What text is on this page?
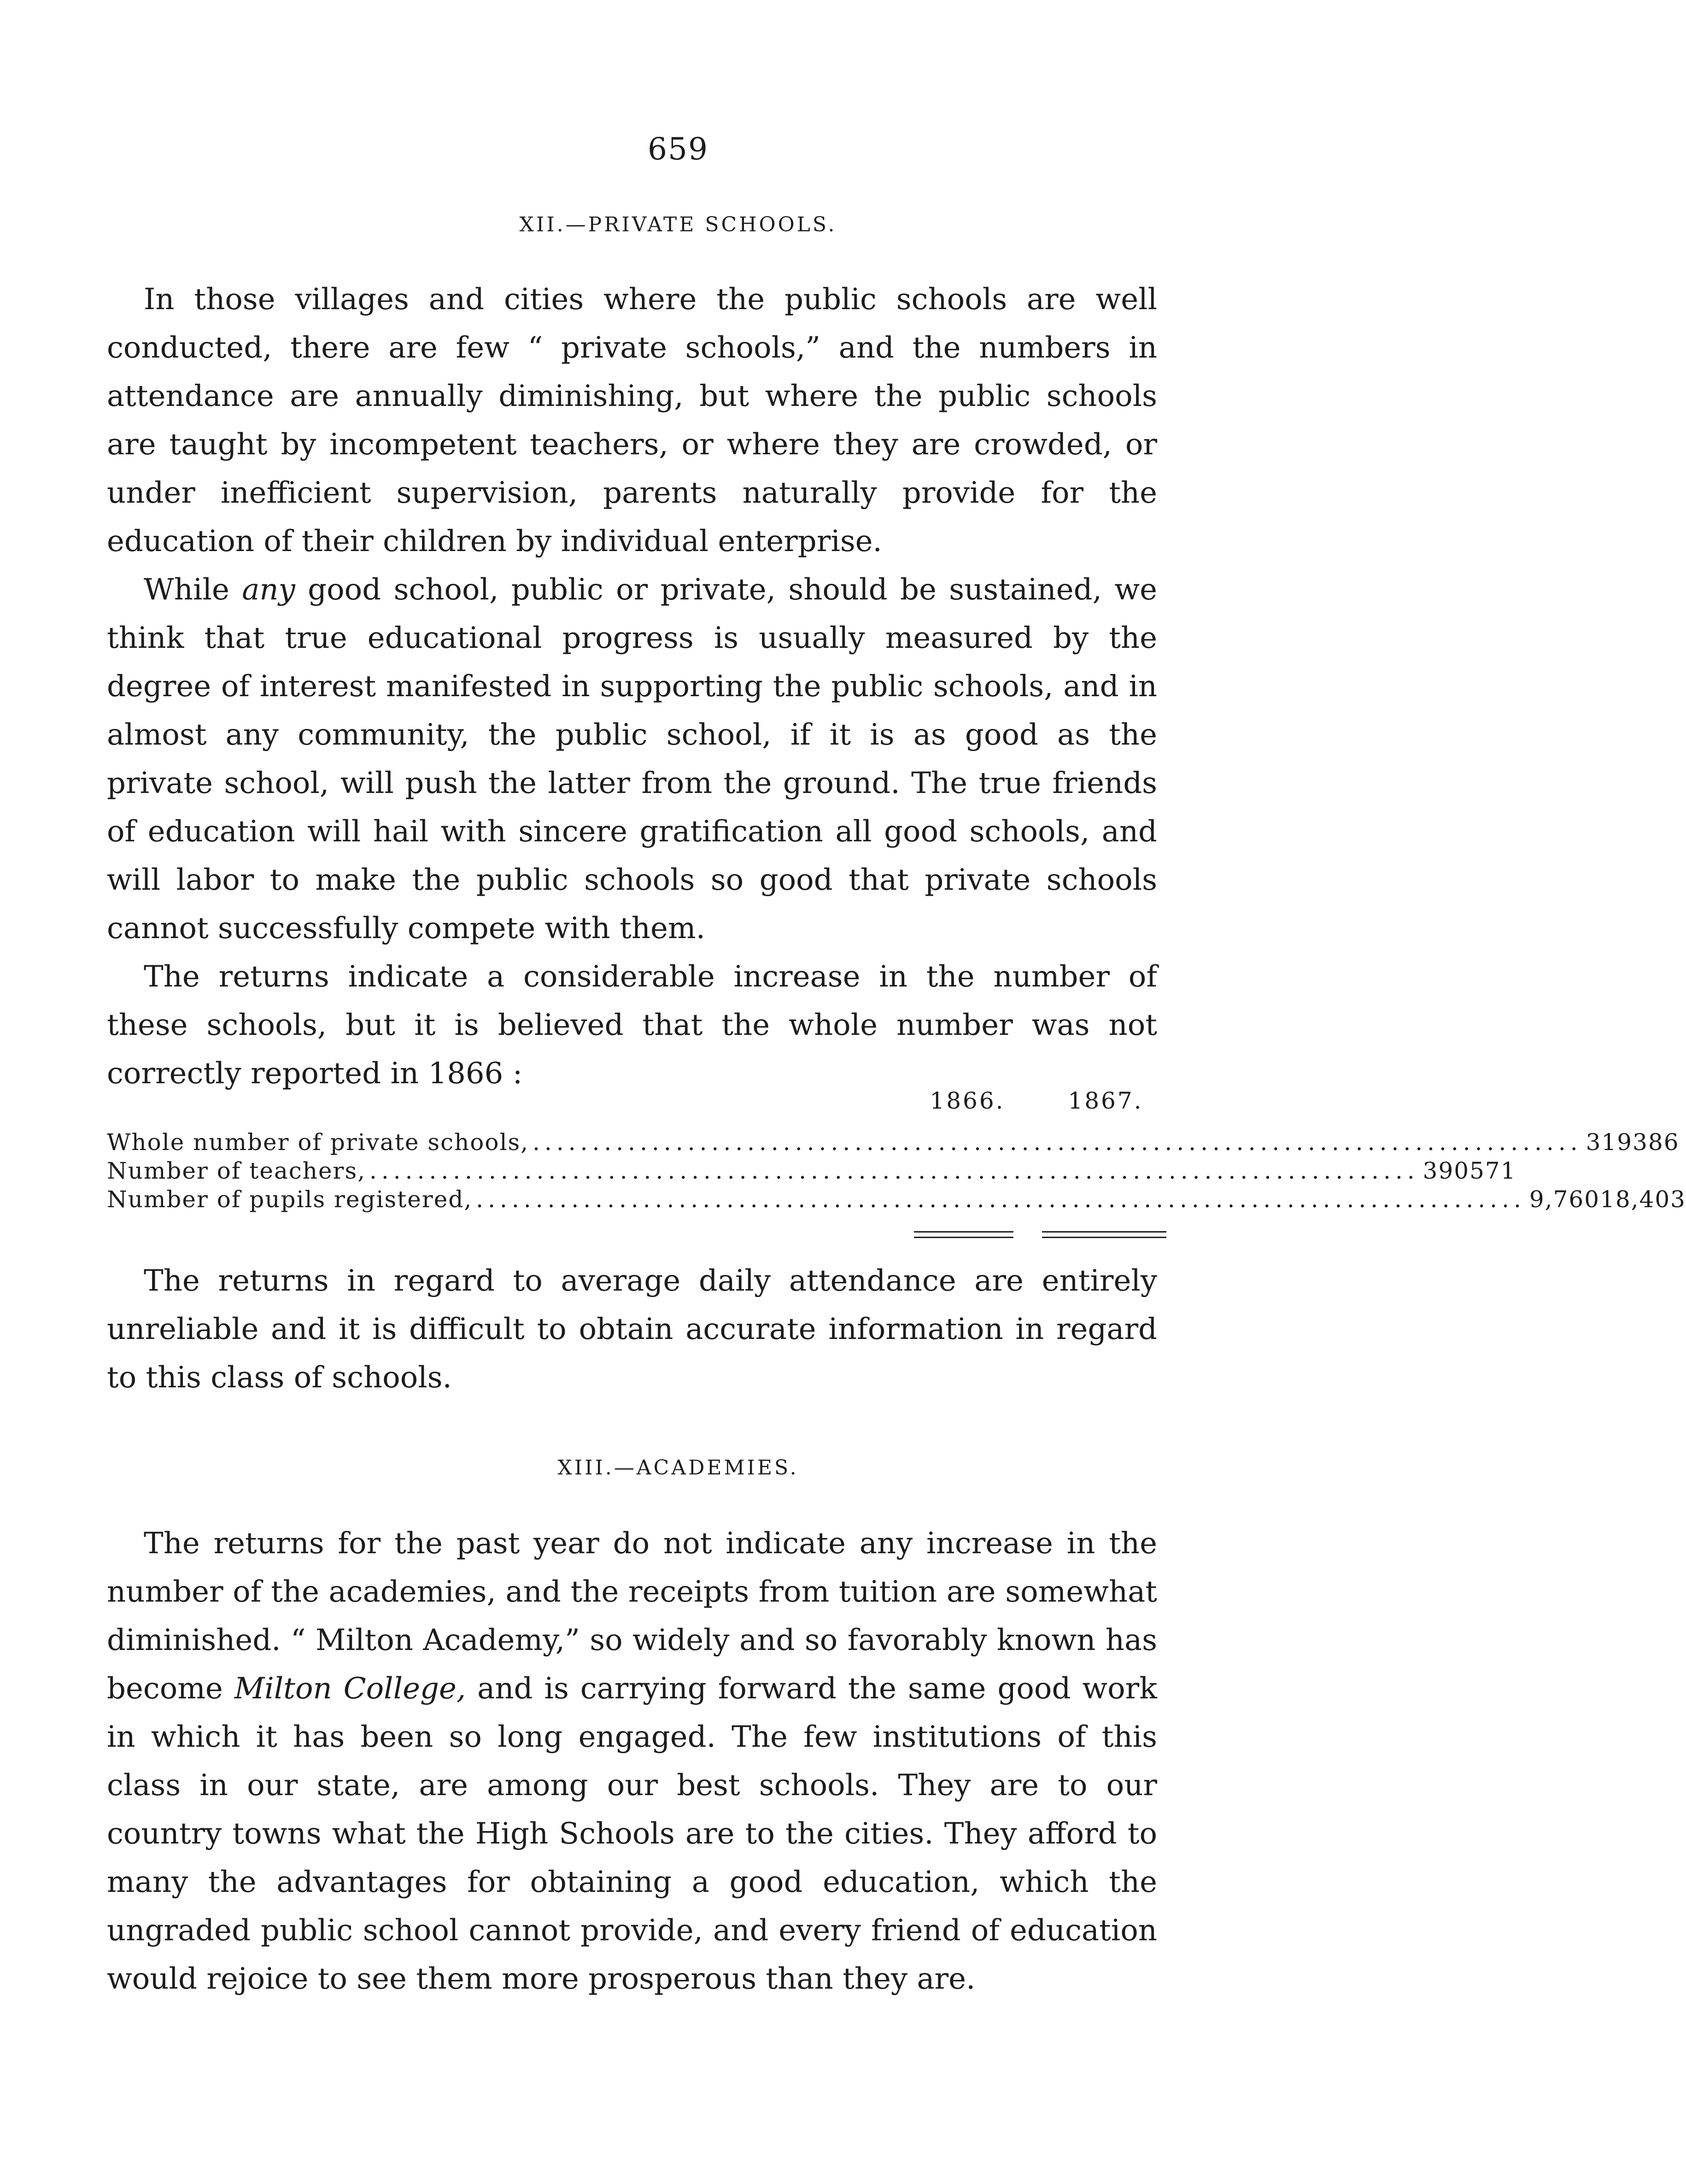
659
XII.—PRIVATE SCHOOLS.

In those villages and cities where the public schools are well conducted, there are few “ private schools,” and the numbers in attendance are annually diminishing, but where the public schools are taught by incompetent teachers, or where they are crowded, or under inefficient supervision, parents naturally provide for the education of their children by individual enterprise.

While any good school, public or private, should be sustained, we think that true educational progress is usually measured by the degree of interest manifested in supporting the public schools, and in almost any community, the public school, if it is as good as the private school, will push the latter from the ground. The true friends of education will hail with sincere gratification all good schools, and will labor to make the public schools so good that private schools cannot successfully compete with them.

The returns indicate a considerable increase in the number of these schools, but it is believed that the whole number was not correctly reported in 1866 :

1866.	1867.
Whole number of private schools, ........................................................................................ 319 386
Number of teachers, ........................................................................................ 390 571
Number of pupils registered, ........................................................................................ 9,760 18,403

The returns in regard to average daily attendance are entirely unreliable and it is difficult to obtain accurate information in regard to this class of schools.

XIII.—ACADEMIES.

The returns for the past year do not indicate any increase in the number of the academies, and the receipts from tuition are somewhat diminished. “ Milton Academy,” so widely and so favorably known has become Milton College, and is carrying forward the same good work in which it has been so long engaged. The few institutions of this class in our state, are among our best schools. They are to our country towns what the High Schools are to the cities. They afford to many the advantages for obtaining a good education, which the ungraded public school cannot provide, and every friend of education would rejoice to see them more prosperous than they are.
